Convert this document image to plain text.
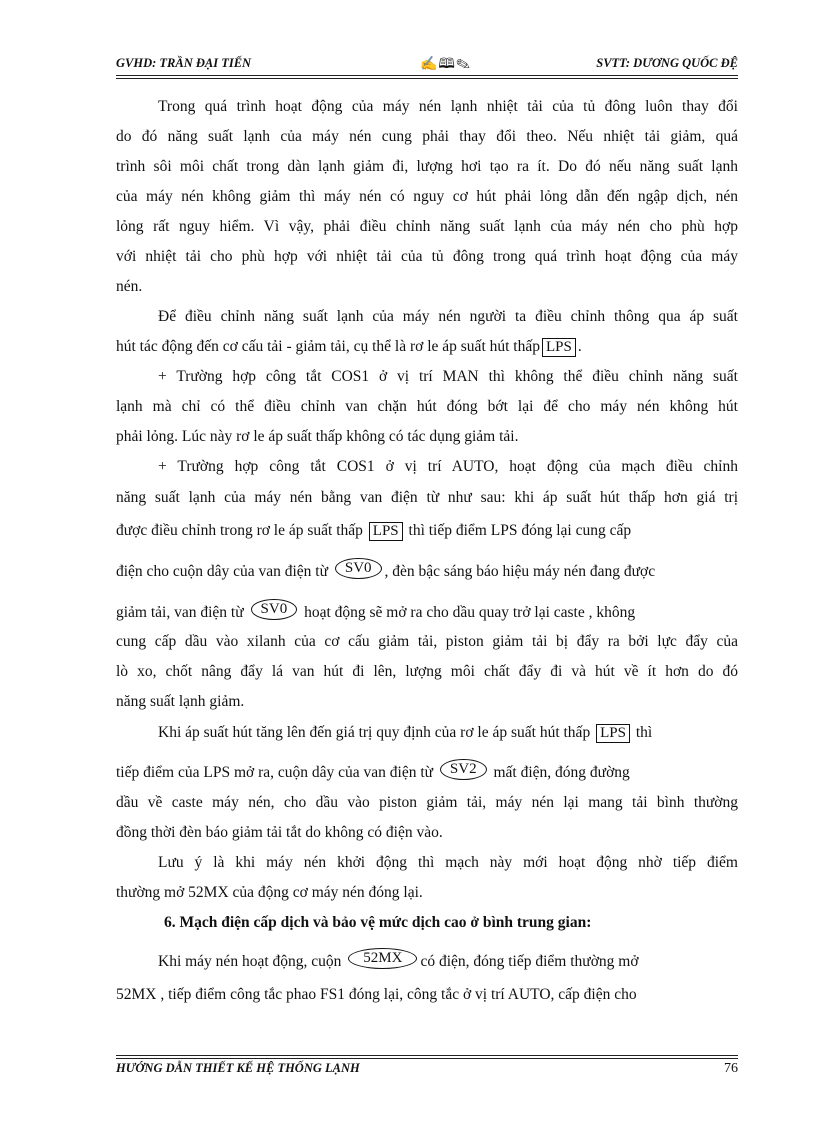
GVHD: TRẦN ĐẠI TIẾN	✍🕮✎	SVTT: DƯƠNG QUỐC ĐỆ
Trong quá trình hoạt động của máy nén lạnh nhiệt tải của tủ đông luôn thay đổi
do đó năng suất lạnh của máy nén cung phải thay đổi theo. Nếu nhiệt tải giảm, quá
trình sôi môi chất trong dàn lạnh giảm đi, lượng hơi tạo ra ít. Do đó nếu năng suất lạnh
của máy nén không giảm thì máy nén có nguy cơ hút phải lỏng dẫn đến ngập dịch, nén
lỏng rất nguy hiểm. Vì vậy, phải điều chỉnh năng suất lạnh của máy nén cho phù hợp
với nhiệt tải cho phù hợp với nhiệt tải của tủ đông trong quá trình hoạt động của máy
nén.
Để điều chỉnh năng suất lạnh của máy nén người ta điều chỉnh thông qua áp suất
hút tác động đến cơ cấu tải - giảm tải, cụ thể là rơ le áp suất hút thấp LPS .
+ Trường hợp công tắt COS1 ở vị trí MAN thì không thể điều chỉnh năng suất
lạnh mà chỉ có thể điều chỉnh van chặn hút đóng bớt lại để cho máy nén không hút
phải lỏng. Lúc này rơ le áp suất thấp không có tác dụng giảm tải.
+ Trường hợp công tắt COS1 ở vị trí AUTO, hoạt động của mạch điều chỉnh
năng suất lạnh của máy nén bằng van điện từ như sau: khi áp suất hút thấp hơn giá trị
được điều chỉnh trong rơ le áp suất thấp LPS thì tiếp điểm LPS đóng lại cung cấp
điện cho cuộn dây của van điện từ SV0 , đèn bậc sáng báo hiệu máy nén đang được
giảm tải, van điện từ SV0 hoạt động sẽ mở ra cho dầu quay trở lại caste , không
cung cấp dầu vào xilanh của cơ cấu giảm tải, piston giảm tải bị đẩy ra bởi lực đẩy của
lò xo, chốt nâng đẩy lá van hút đi lên, lượng môi chất đẩy đi và hút về ít hơn do đó
năng suất lạnh giảm.
Khi áp suất hút tăng lên đến giá trị quy định của rơ le áp suất hút thấp LPS thì
tiếp điểm của LPS mở ra, cuộn dây của van điện từ SV2 mất điện, đóng đường
dầu về caste máy nén, cho dầu vào piston giảm tải, máy nén lại mang tải bình thường
đồng thời đèn báo giảm tải tắt do không có điện vào.
Lưu ý là khi máy nén khởi động thì mạch này mới hoạt động nhờ tiếp điểm
thường mở 52MX của động cơ máy nén đóng lại.
6. Mạch điện cấp dịch và bảo vệ mức dịch cao ở bình trung gian:
Khi máy nén hoạt động, cuộn 52MX có điện, đóng tiếp điểm thường mở
52MX , tiếp điểm công tắc phao FS1 đóng lại, công tắc ở vị trí AUTO, cấp điện cho
HƯỚNG DẪN THIẾT KẾ HỆ THỐNG LẠNH	76
